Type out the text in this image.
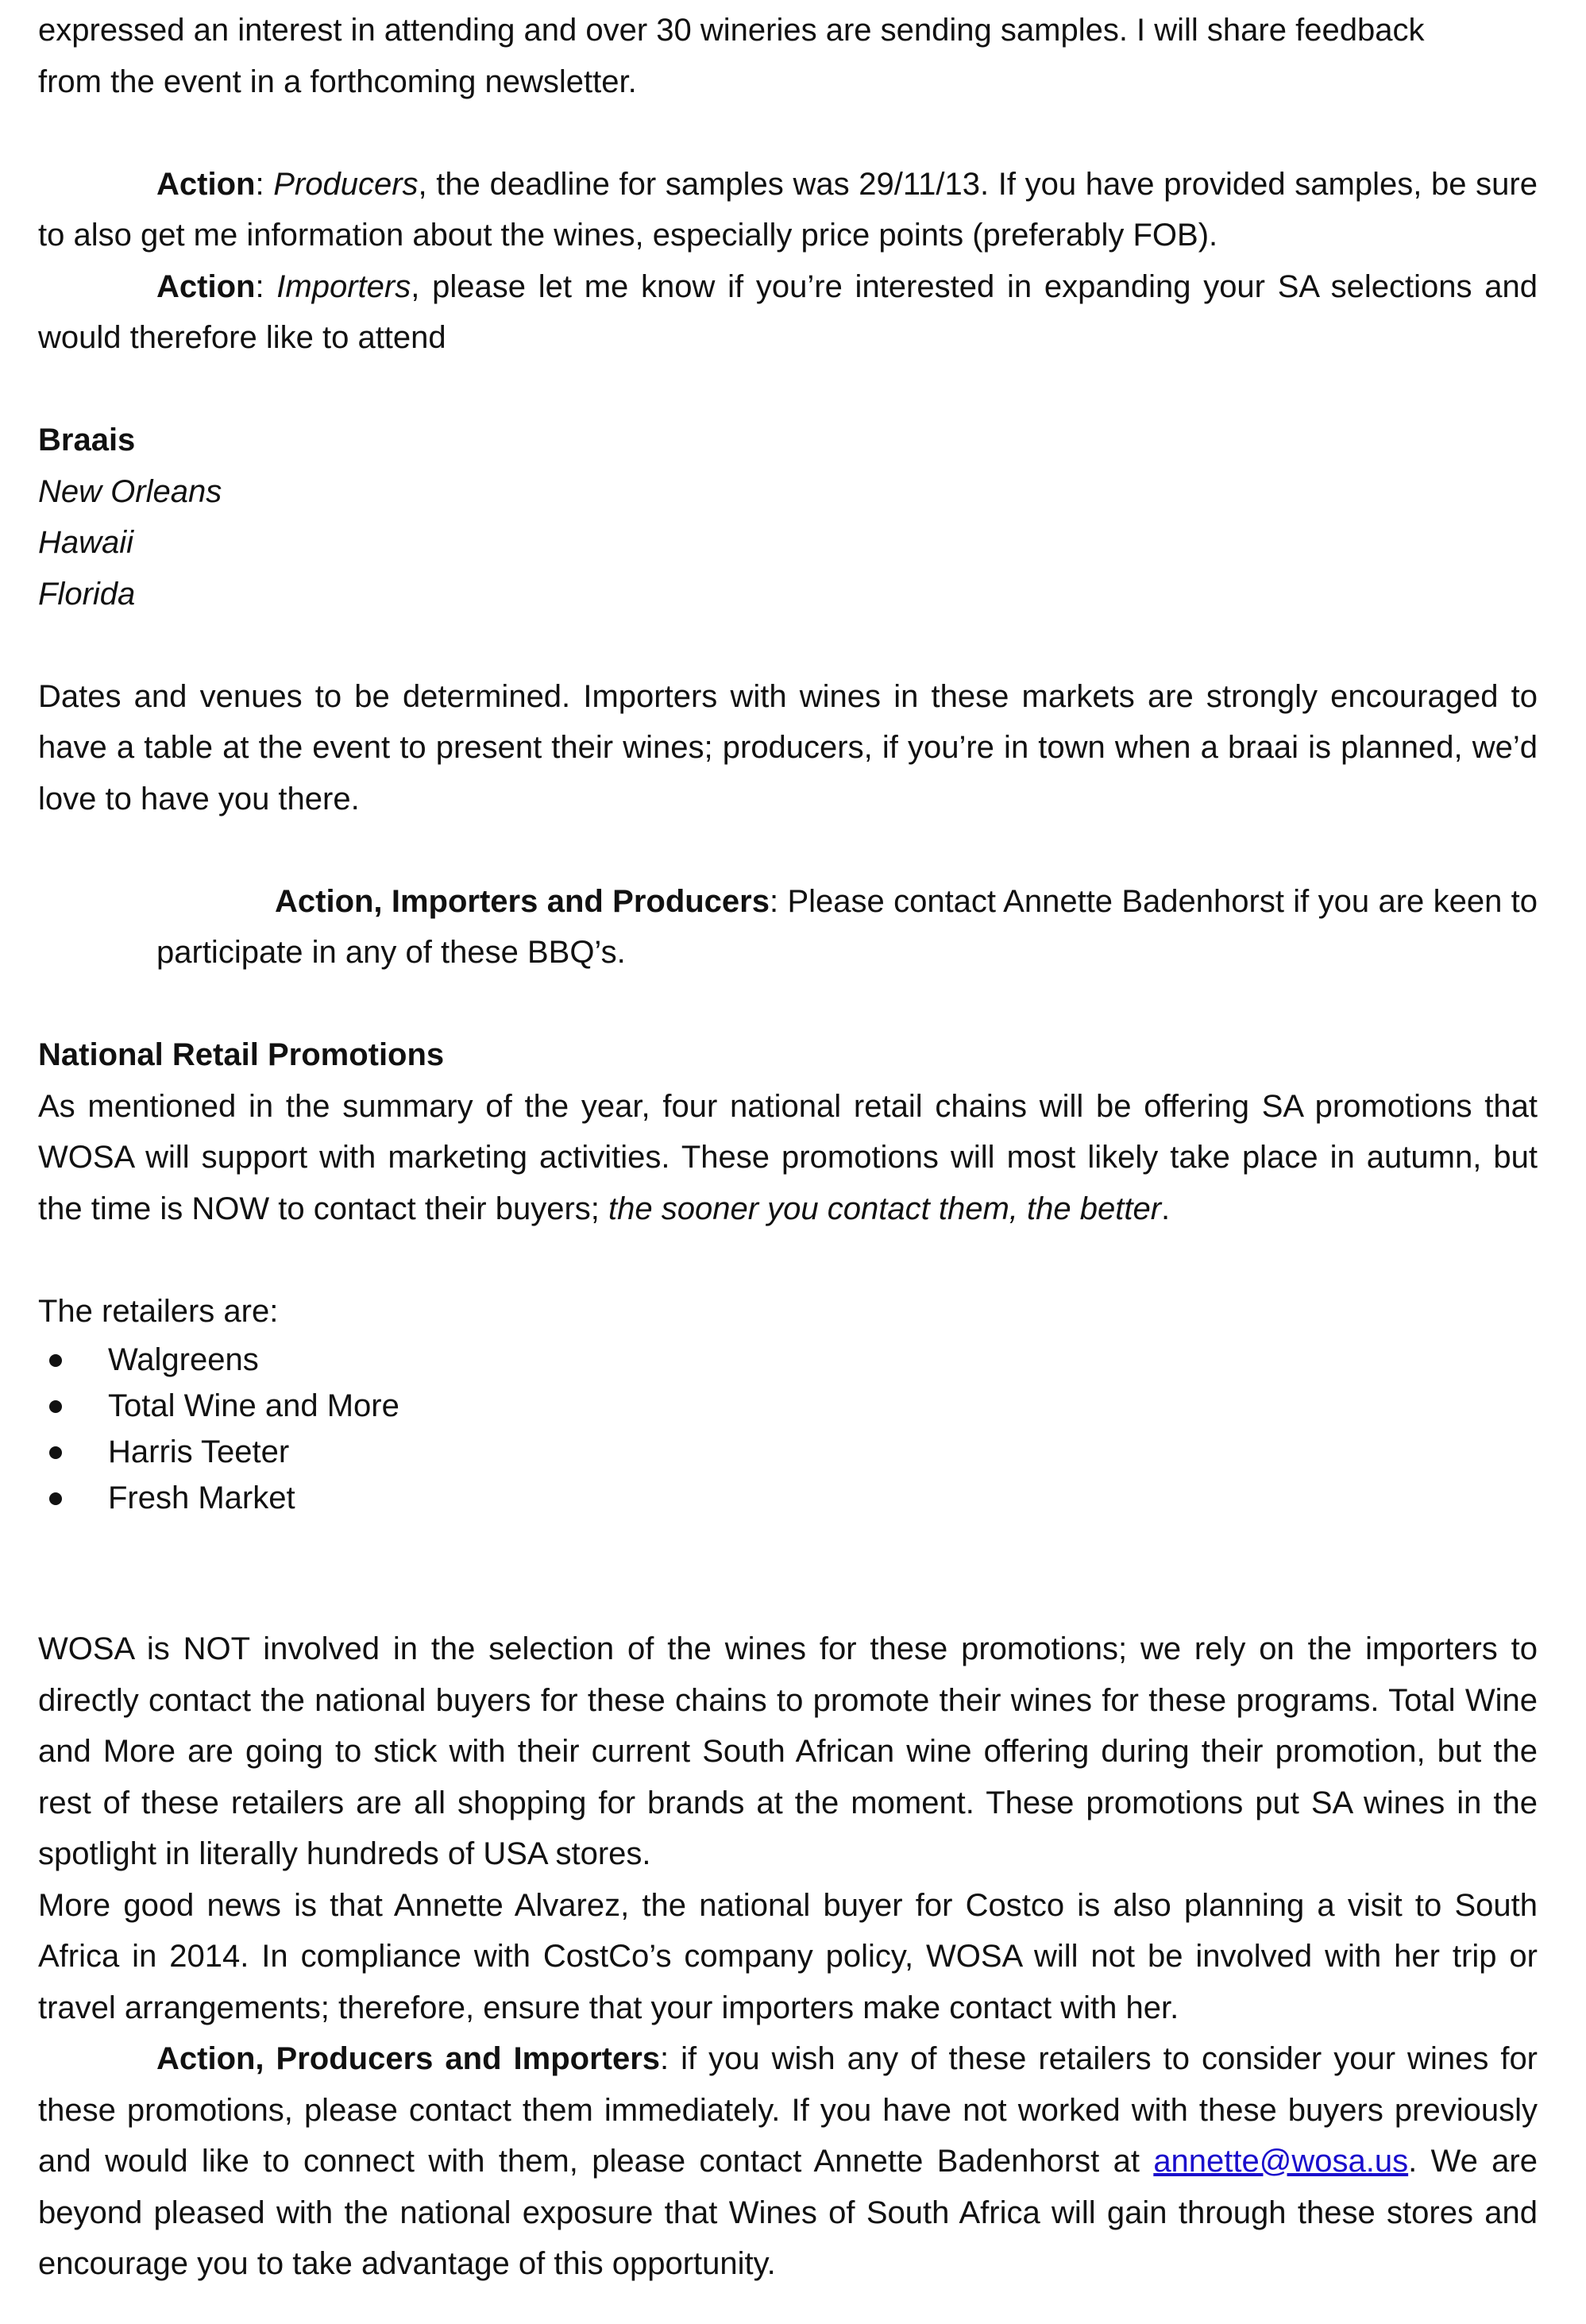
expressed an interest in attending and over 30 wineries are sending samples. I will share feedback
from the event in a forthcoming newsletter.

Action: Producers, the deadline for samples was 29/11/13. If you have provided samples, be sure to also get me information about the wines, especially price points (preferably FOB).

Action: Importers, please let me know if you’re interested in expanding your SA selections and would therefore like to attend

Braais

New Orleans

Hawaii

Florida

Dates and venues to be determined. Importers with wines in these markets are strongly encouraged to have a table at the event to present their wines; producers, if you’re in town when a braai is planned, we’d love to have you there.

Action, Importers and Producers: Please contact Annette Badenhorst if you are keen to participate in any of these BBQ’s.

National Retail Promotions

As mentioned in the summary of the year, four national retail chains will be offering SA promotions that WOSA will support with marketing activities. These promotions will most likely take place in autumn, but the time is NOW to contact their buyers; the sooner you contact them, the better.

The retailers are:

Walgreens
Total Wine and More
Harris Teeter
Fresh Market

WOSA is NOT involved in the selection of the wines for these promotions; we rely on the importers to directly contact the national buyers for these chains to promote their wines for these programs. Total Wine and More are going to stick with their current South African wine offering during their promotion, but the rest of these retailers are all shopping for brands at the moment. These promotions put SA wines in the spotlight in literally hundreds of USA stores.

More good news is that Annette Alvarez, the national buyer for Costco is also planning a visit to South Africa in 2014. In compliance with CostCo’s company policy, WOSA will not be involved with her trip or travel arrangements; therefore, ensure that your importers make contact with her.

Action, Producers and Importers: if you wish any of these retailers to consider your wines for these promotions, please contact them immediately. If you have not worked with these buyers previously and would like to connect with them, please contact Annette Badenhorst at annette@wosa.us. We are beyond pleased with the national exposure that Wines of South Africa will gain through these stores and encourage you to take advantage of this opportunity.
